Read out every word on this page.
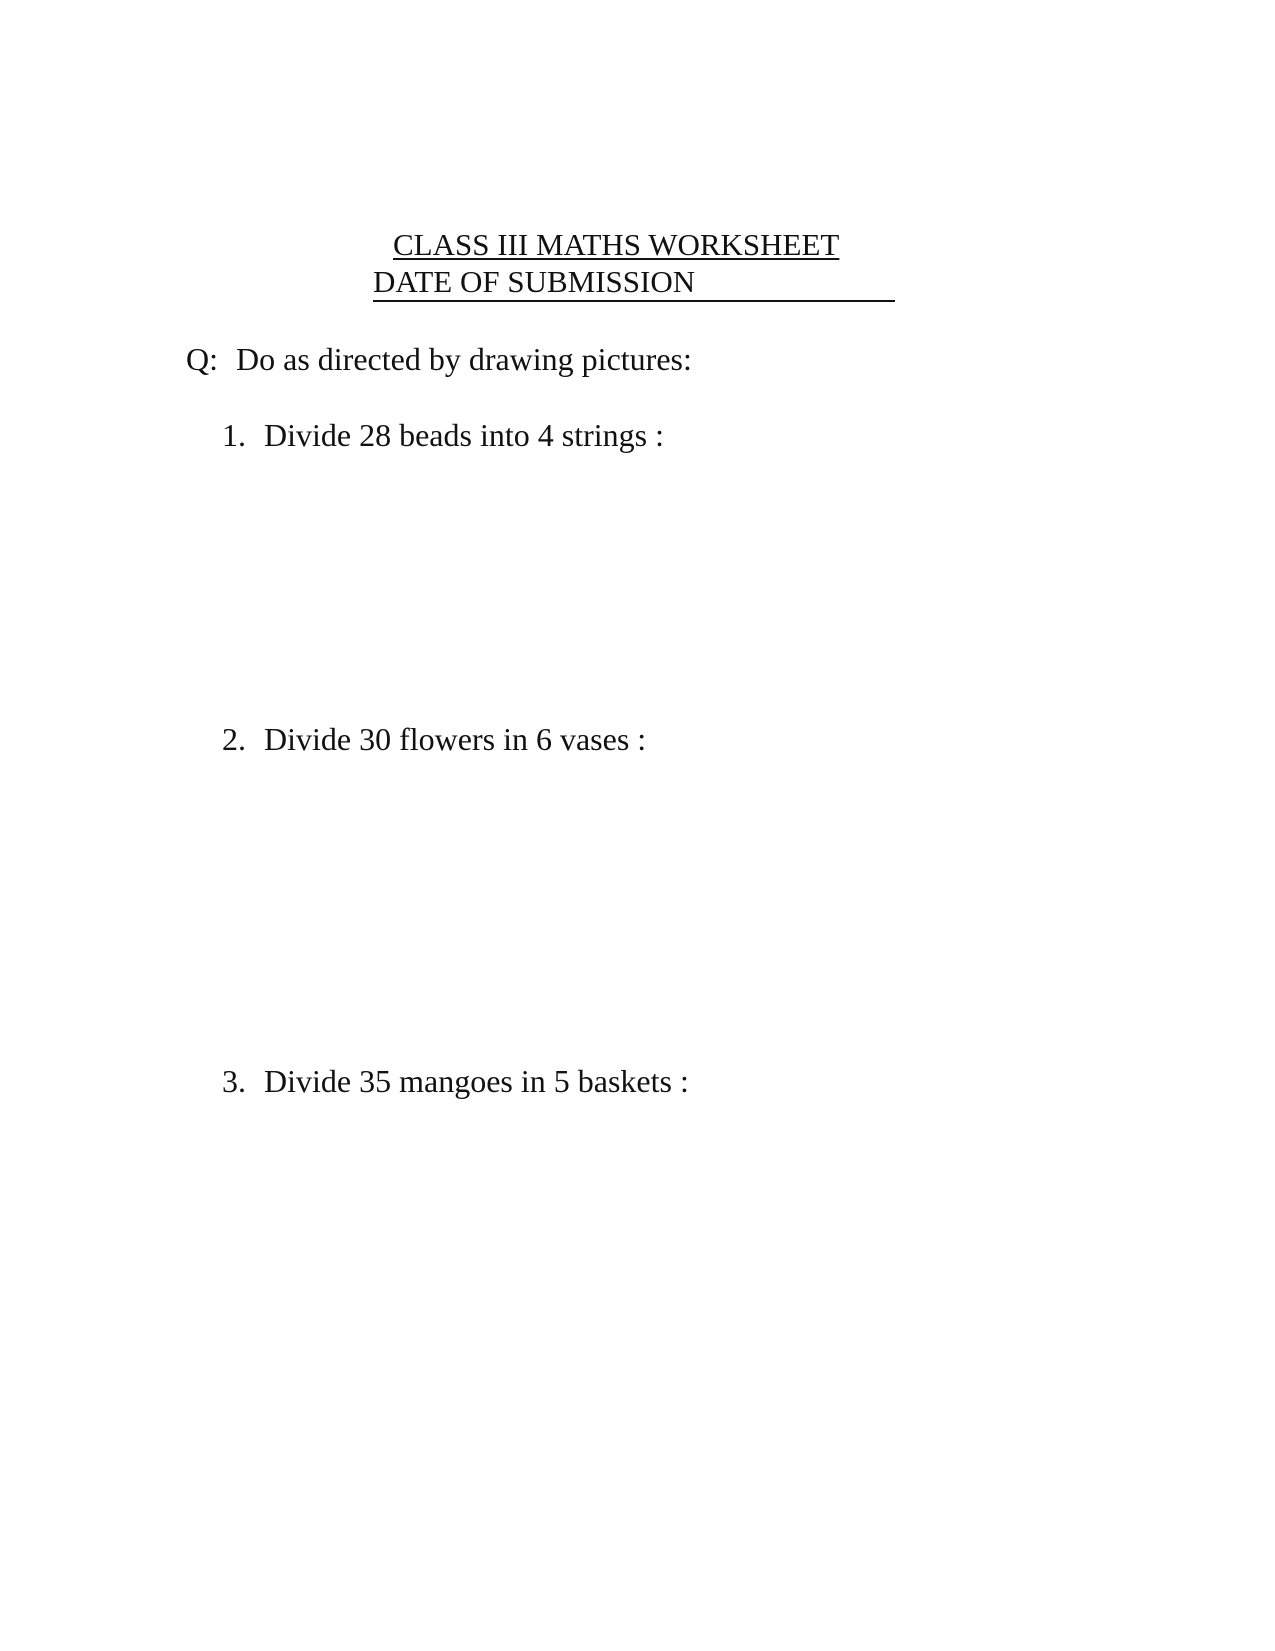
CLASS III MATHS WORKSHEET
DATE OF SUBMISSION
Q: Do as directed by drawing pictures:
1. Divide 28 beads into 4 strings :
2. Divide 30 flowers in 6 vases :
3. Divide 35 mangoes in 5 baskets :
